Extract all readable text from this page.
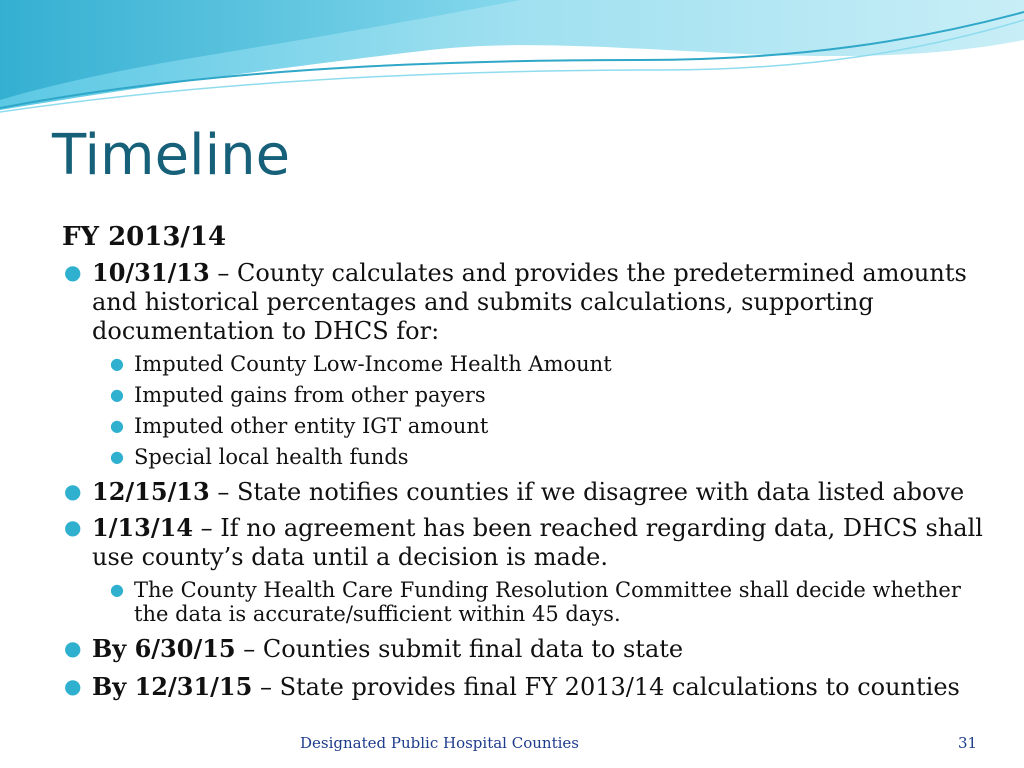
Timeline
FY 2013/14
● 10/31/13 – County calculates and provides the predetermined amounts and historical percentages and submits calculations, supporting documentation to DHCS for:
● Imputed County Low-Income Health Amount
● Imputed gains from other payers
● Imputed other entity IGT amount
● Special local health funds
● 12/15/13 – State notifies counties if we disagree with data listed above
● 1/13/14 – If no agreement has been reached regarding data, DHCS shall use county’s data until a decision is made.
● The County Health Care Funding Resolution Committee shall decide whether the data is accurate/sufficient within 45 days.
● By 6/30/15 – Counties submit final data to state
● By 12/31/15 – State provides final FY 2013/14 calculations to counties
Designated Public Hospital Counties	31
